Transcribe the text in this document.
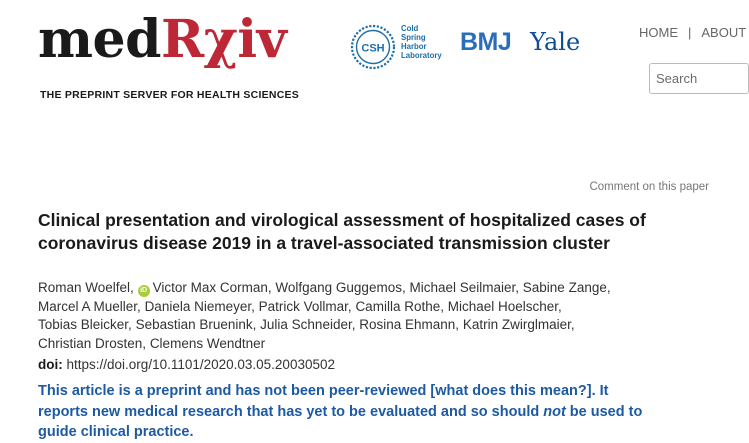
medRχiv
THE PREPRINT SERVER FOR HEALTH SCIENCES
CSH
Cold
Spring
Harbor
Laboratory BMJ Yale	HOME | ABOUT
Search
Comment on this paper
Clinical presentation and virological assessment of hospitalized cases of
coronavirus disease 2019 in a travel-associated transmission cluster
Roman Woelfel, iD Victor Max Corman, Wolfgang Guggemos, Michael Seilmaier, Sabine Zange,
Marcel A Mueller, Daniela Niemeyer, Patrick Vollmar, Camilla Rothe, Michael Hoelscher,
Tobias Bleicker, Sebastian Bruenink, Julia Schneider, Rosina Ehmann, Katrin Zwirglmaier,
Christian Drosten, Clemens Wendtner
doi: https://doi.org/10.1101/2020.03.05.20030502
This article is a preprint and has not been peer-reviewed [what does this mean?]. It
reports new medical research that has yet to be evaluated and so should not be used to
guide clinical practice.
